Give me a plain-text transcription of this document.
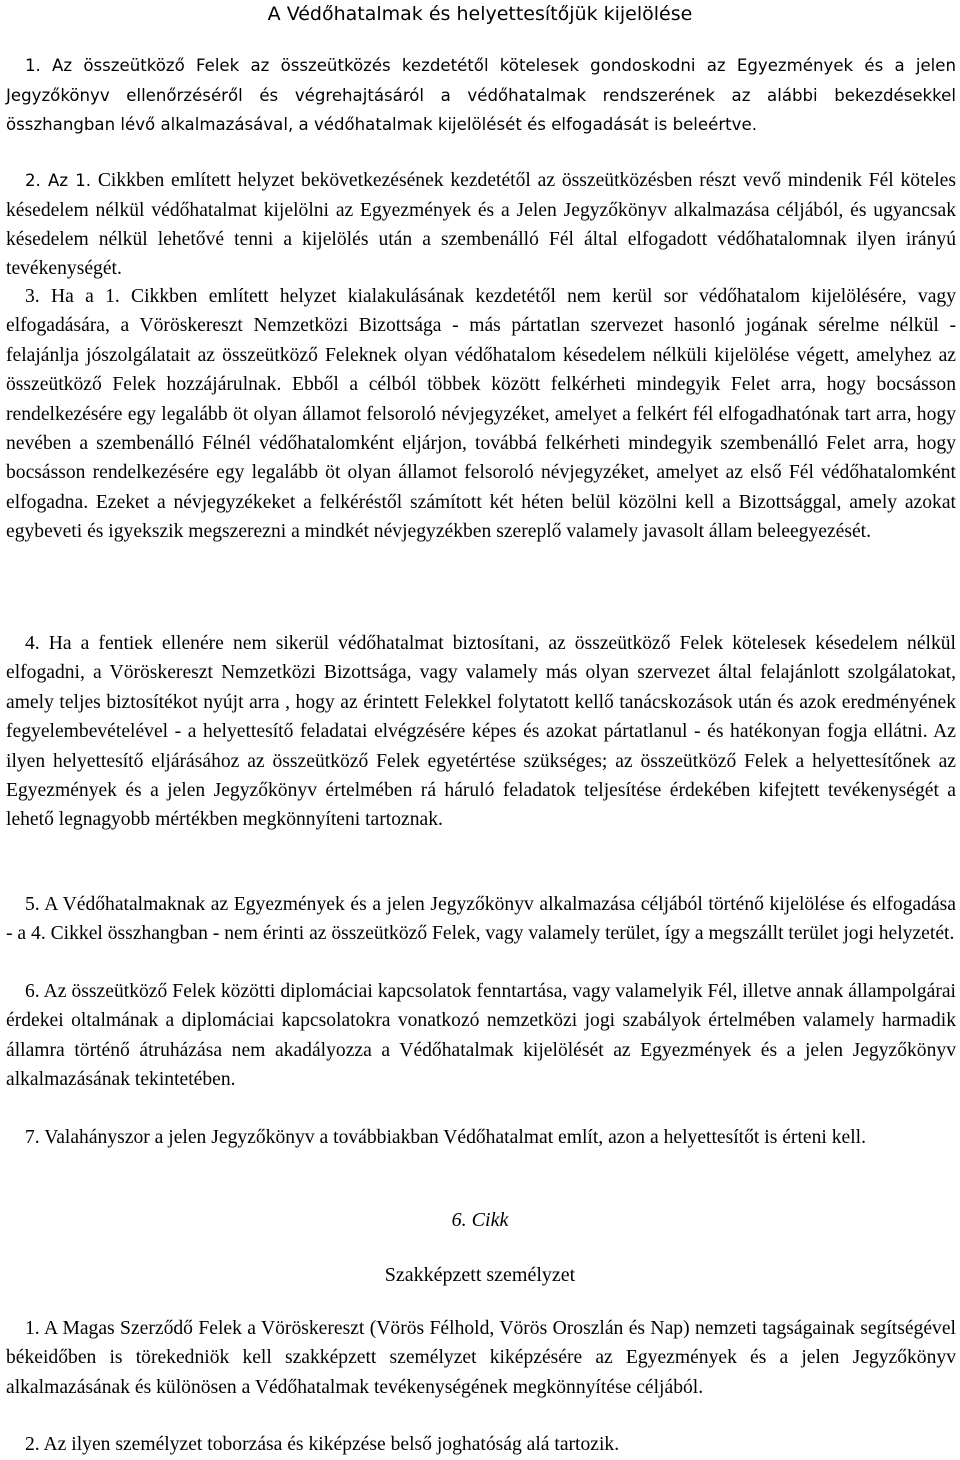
A Védőhatalmak és helyettesítőjük kijelölése

1. Az összeütköző Felek az összeütközés kezdetétől kötelesek gondoskodni az Egyezmények és a jelen Jegyzőkönyv ellenőrzéséről és végrehajtásáról a védőhatalmak rendszerének az alábbi bekezdésekkel összhangban lévő alkalmazásával, a védőhatalmak kijelölését és elfogadását is beleértve.

2. Az 1. Cikkben említett helyzet bekövetkezésének kezdetétől az összeütközésben részt vevő mindenik Fél köteles késedelem nélkül védőhatalmat kijelölni az Egyezmények és a Jelen Jegyzőkönyv alkalmazása céljából, és ugyancsak késedelem nélkül lehetővé tenni a kijelölés után a szembenálló Fél által elfogadott védőhatalomnak ilyen irányú tevékenységét.

3. Ha a 1. Cikkben említett helyzet kialakulásának kezdetétől nem kerül sor védőhatalom kijelölésére, vagy elfogadására, a Vöröskereszt Nemzetközi Bizottsága - más pártatlan szervezet hasonló jogának sérelme nélkül - felajánlja jószolgálatait az összeütköző Feleknek olyan védőhatalom késedelem nélküli kijelölése végett, amelyhez az összeütköző Felek hozzájárulnak. Ebből a célból többek között felkérheti mindegyik Felet arra, hogy bocsásson rendelkezésére egy legalább öt olyan államot felsoroló névjegyzéket, amelyet a felkért fél elfogadhatónak tart arra, hogy nevében a szembenálló Félnél védőhatalomként eljárjon, továbbá felkérheti mindegyik szembenálló Felet arra, hogy bocsásson rendelkezésére egy legalább öt olyan államot felsoroló névjegyzéket, amelyet az első Fél védőhatalomként elfogadna. Ezeket a névjegyzékeket a felkéréstől számított két héten belül közölni kell a Bizottsággal, amely azokat egybeveti és igyekszik megszerezni a mindkét névjegyzékben szereplő valamely javasolt állam beleegyezését.

4. Ha a fentiek ellenére nem sikerül védőhatalmat biztosítani, az összeütköző Felek kötelesek késedelem nélkül elfogadni, a Vöröskereszt Nemzetközi Bizottsága, vagy valamely más olyan szervezet által felajánlott szolgálatokat, amely teljes biztosítékot nyújt arra , hogy az érintett Felekkel folytatott kellő tanácskozások után és azok eredményének fegyelembevételével - a helyettesítő feladatai elvégzésére képes és azokat pártatlanul - és hatékonyan fogja ellátni. Az ilyen helyettesítő eljárásához az összeütköző Felek egyetértése szükséges; az összeütköző Felek a helyettesítőnek az Egyezmények és a jelen Jegyzőkönyv értelmében rá háruló feladatok teljesítése érdekében kifejtett tevékenységét a lehető legnagyobb mértékben megkönnyíteni tartoznak.

5. A Védőhatalmaknak az Egyezmények és a jelen Jegyzőkönyv alkalmazása céljából történő kijelölése és elfogadása - a 4. Cikkel összhangban - nem érinti az összeütköző Felek, vagy valamely terület, így a megszállt terület jogi helyzetét.

6. Az összeütköző Felek közötti diplomáciai kapcsolatok fenntartása, vagy valamelyik Fél, illetve annak állampolgárai érdekei oltalmának a diplomáciai kapcsolatokra vonatkozó nemzetközi jogi szabályok értelmében valamely harmadik államra történő átruházása nem akadályozza a Védőhatalmak kijelölését az Egyezmények és a jelen Jegyzőkönyv alkalmazásának tekintetében.

7. Valahányszor a jelen Jegyzőkönyv a továbbiakban Védőhatalmat említ, azon a helyettesítőt is érteni kell.

6. Cikk
Szakképzett személyzet

1. A Magas Szerződő Felek a Vöröskereszt (Vörös Félhold, Vörös Oroszlán és Nap) nemzeti tagságainak segítségével békeidőben is törekedniök kell szakképzett személyzet kiképzésére az Egyezmények és a jelen Jegyzőkönyv alkalmazásának és különösen a Védőhatalmak tevékenységének megkönnyítése céljából.

2. Az ilyen személyzet toborzása és kiképzése belső joghatóság alá tartozik.
